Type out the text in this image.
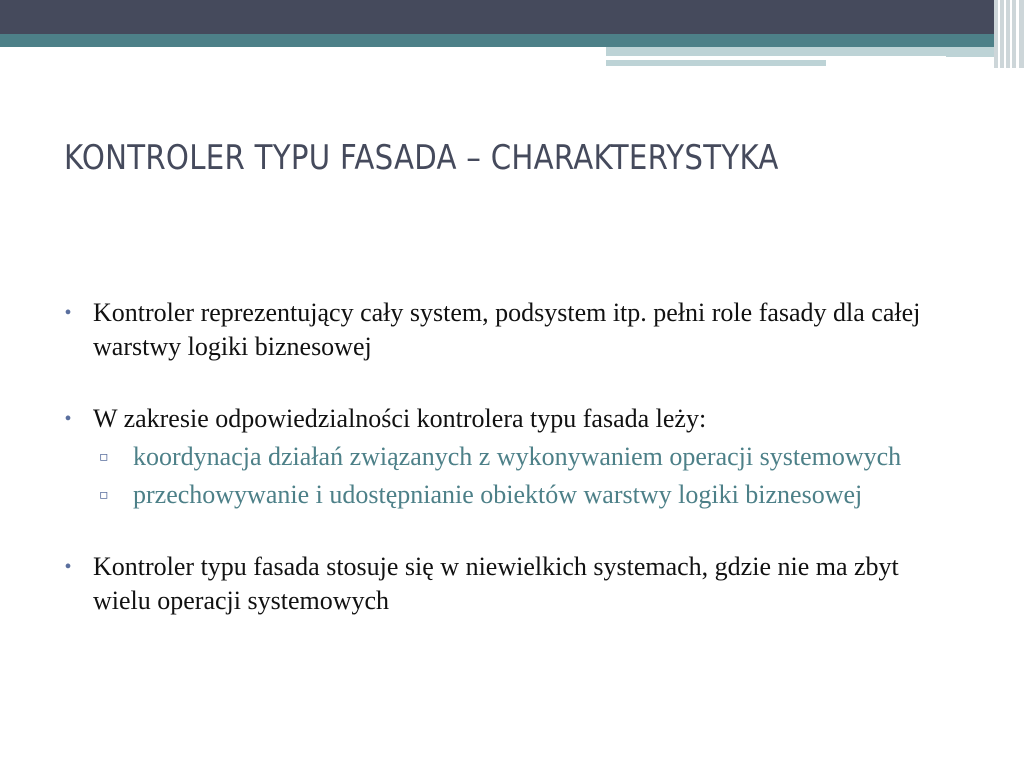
KONTROLER TYPU FASADA – CHARAKTERYSTYKA

• Kontroler reprezentujący cały system, podsystem itp. pełni role fasady dla całej warstwy logiki biznesowej

• W zakresie odpowiedzialności kontrolera typu fasada leży:

▫ koordynacja działań związanych z wykonywaniem operacji systemowych

▫ przechowywanie i udostępnianie obiektów warstwy logiki biznesowej

• Kontroler typu fasada stosuje się w niewielkich systemach, gdzie nie ma zbyt wielu operacji systemowych
